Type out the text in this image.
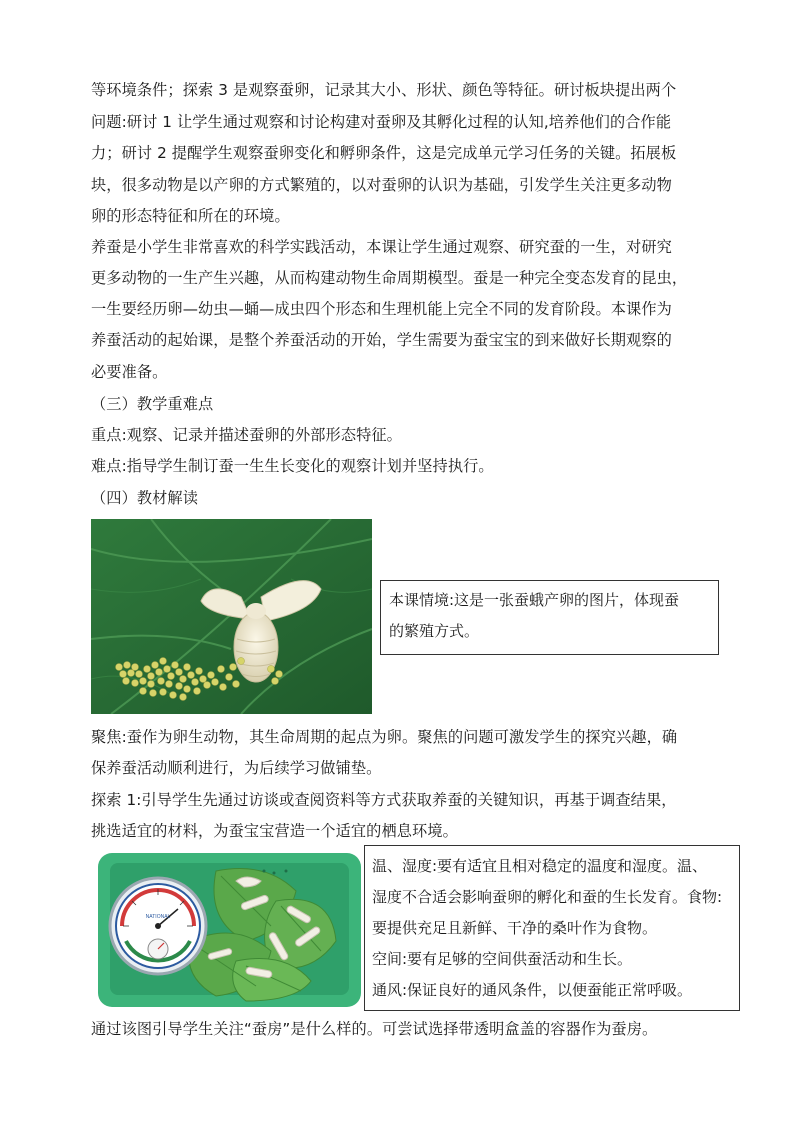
等环境条件；探索 3 是观察蚕卵，记录其大小、形状、颜色等特征。研讨板块提出两个
问题:研讨 1 让学生通过观察和讨论构建对蚕卵及其孵化过程的认知,培养他们的合作能
力；研讨 2 提醒学生观察蚕卵变化和孵卵条件，这是完成单元学习任务的关键。拓展板
块，很多动物是以产卵的方式繁殖的，以对蚕卵的认识为基础，引发学生关注更多动物
卵的形态特征和所在的环境。
养蚕是小学生非常喜欢的科学实践活动，本课让学生通过观察、研究蚕的一生，对研究
更多动物的一生产生兴趣，从而构建动物生命周期模型。蚕是一种完全变态发育的昆虫，
一生要经历卵—幼虫—蛹—成虫四个形态和生理机能上完全不同的发育阶段。本课作为
养蚕活动的起始课，是整个养蚕活动的开始，学生需要为蚕宝宝的到来做好长期观察的
必要准备。
（三）教学重难点
重点:观察、记录并描述蚕卵的外部形态特征。
难点:指导学生制订蚕一生生长变化的观察计划并坚持执行。
（四）教材解读
本课情境:这是一张蚕蛾产卵的图片，体现蚕
的繁殖方式。
聚焦:蚕作为卵生动物，其生命周期的起点为卵。聚焦的问题可激发学生的探究兴趣，确
保养蚕活动顺利进行，为后续学习做铺垫。
探索 1:引导学生先通过访谈或查阅资料等方式获取养蚕的关键知识，再基于调查结果，
挑选适宜的材料，为蚕宝宝营造一个适宜的栖息环境。
NATIONAL
温、湿度:要有适宜且相对稳定的温度和湿度。温、
湿度不合适会影响蚕卵的孵化和蚕的生长发育。食物:
要提供充足且新鲜、干净的桑叶作为食物。
空间:要有足够的空间供蚕活动和生长。
通风:保证良好的通风条件，以便蚕能正常呼吸。
通过该图引导学生关注“蚕房”是什么样的。可尝试选择带透明盒盖的容器作为蚕房。
